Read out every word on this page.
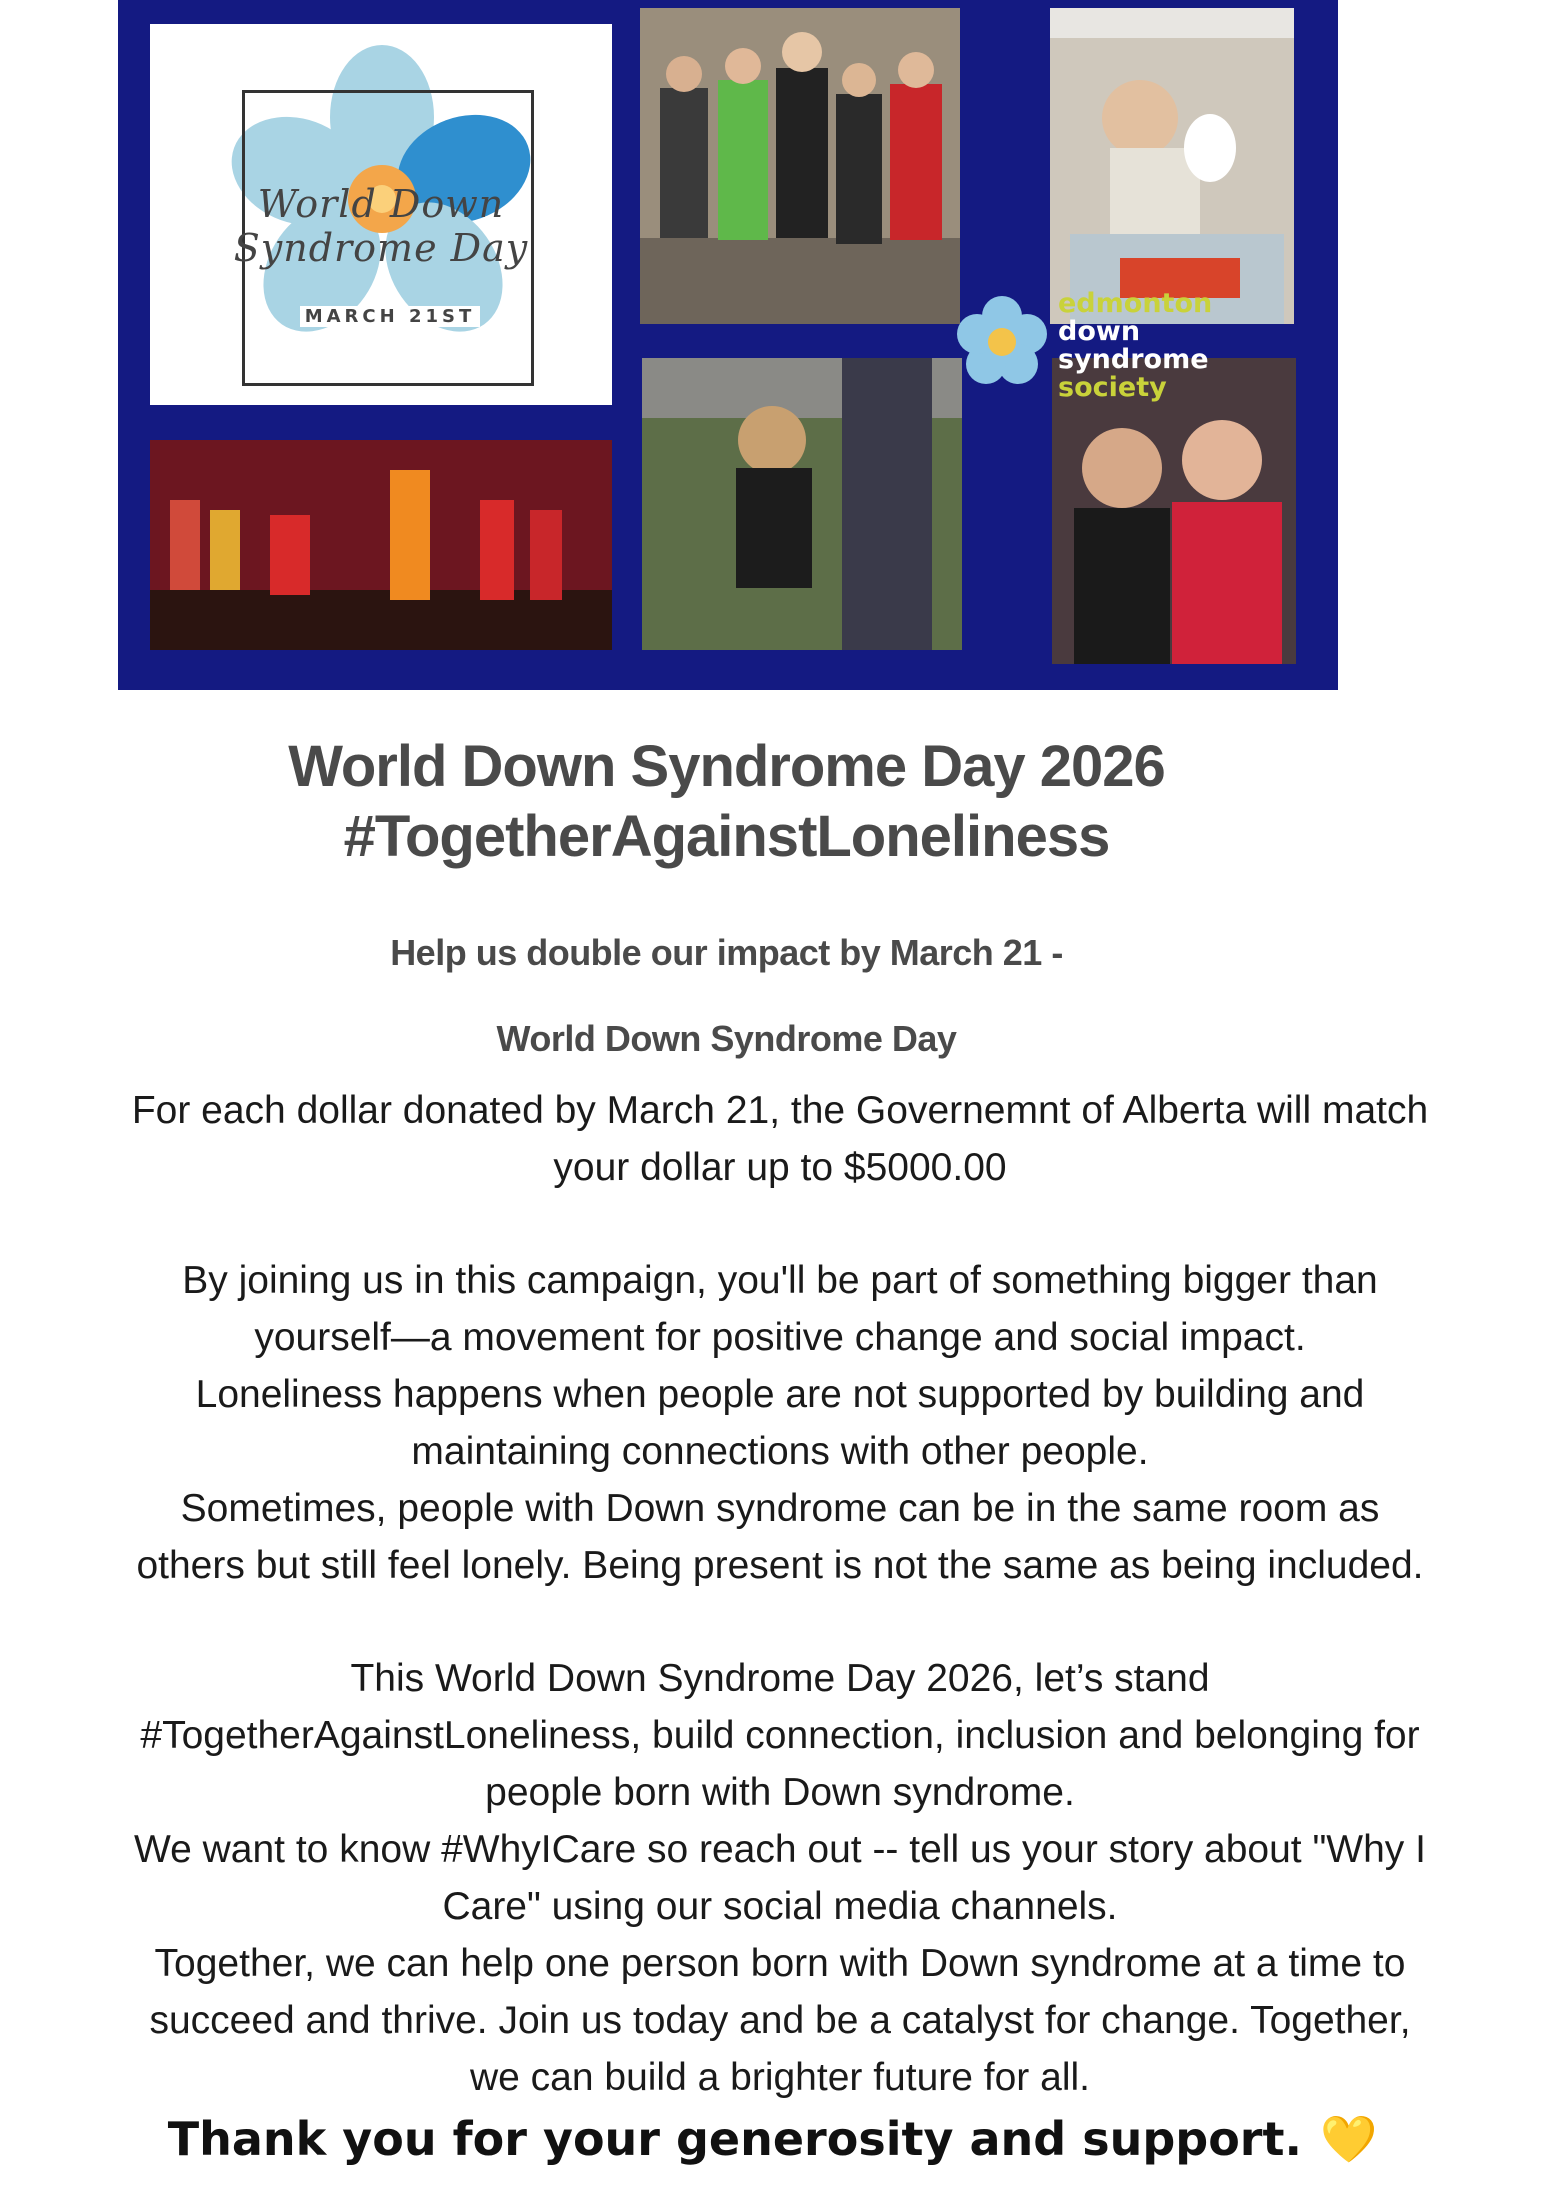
World Down Syndrome Day
MARCH 21ST	edmonton
down syndrome
society
World Down Syndrome Day 2026
#TogetherAgainstLoneliness
Help us double our impact by March 21 -
World Down Syndrome Day
For each dollar donated by March 21, the Governemnt of Alberta will match
your dollar up to $5000.00
By joining us in this campaign, you'll be part of something bigger than
yourself—a movement for positive change and social impact.
Loneliness happens when people are not supported by building and
maintaining connections with other people.
Sometimes, people with Down syndrome can be in the same room as
others but still feel lonely. Being present is not the same as being included.
This World Down Syndrome Day 2026, let’s stand
#TogetherAgainstLoneliness, build connection, inclusion and belonging for
people born with Down syndrome.
We want to know #WhyICare so reach out -- tell us your story about "Why I
Care" using our social media channels.
Together, we can help one person born with Down syndrome at a time to
succeed and thrive. Join us today and be a catalyst for change. Together,
we can build a brighter future for all.
Thank you for your generosity and support. 💛
